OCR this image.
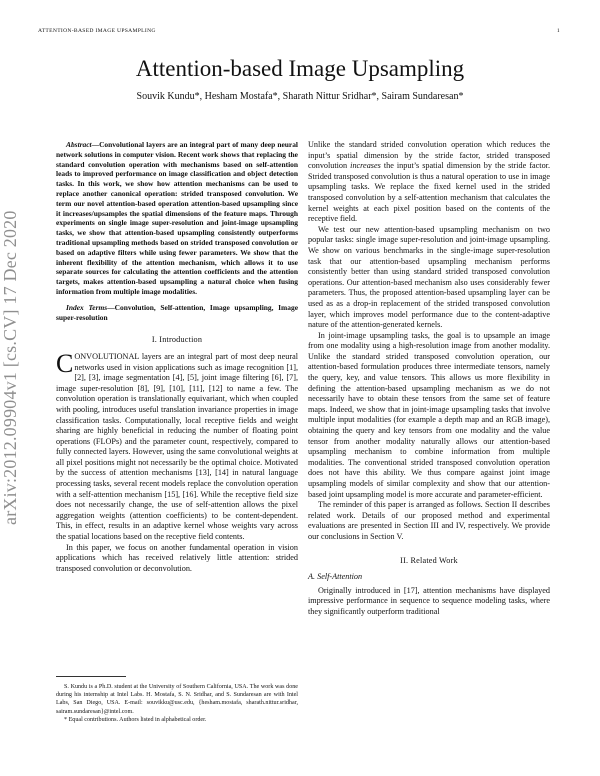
ATTENTION-BASED IMAGE UPSAMPLING	1
Attention-based Image Upsampling
Souvik Kundu*, Hesham Mostafa*, Sharath Nittur Sridhar*, Sairam Sundaresan*
arXiv:2012.09904v1 [cs.CV] 17 Dec 2020

Abstract—Convolutional layers are an integral part of many deep neural network solutions in computer vision. Recent work shows that replacing the standard convolution operation with mechanisms based on self-attention leads to improved performance on image classification and object detection tasks. In this work, we show how attention mechanisms can be used to replace another canonical operation: strided transposed convolution. We term our novel attention-based operation attention-based upsampling since it increases/upsamples the spatial dimensions of the feature maps. Through experiments on single image super-resolution and joint-image upsampling tasks, we show that attention-based upsampling consistently outperforms traditional upsampling methods based on strided transposed convolution or based on adaptive filters while using fewer parameters. We show that the inherent flexibility of the attention mechanism, which allows it to use separate sources for calculating the attention coefficients and the attention targets, makes attention-based upsampling a natural choice when fusing information from multiple image modalities.

Index Terms—Convolution, Self-attention, Image upsampling, Image super-resolution

I. Introduction

CONVOLUTIONAL layers are an integral part of most deep neural networks used in vision applications such as image recognition [1], [2], [3], image segmentation [4], [5], joint image filtering [6], [7], image super-resolution [8], [9], [10], [11], [12] to name a few. The convolution operation is translationally equivariant, which when coupled with pooling, introduces useful translation invariance properties in image classification tasks. Computationally, local receptive fields and weight sharing are highly beneficial in reducing the number of floating point operations (FLOPs) and the parameter count, respectively, compared to fully connected layers. However, using the same convolutional weights at all pixel positions might not necessarily be the optimal choice. Motivated by the success of attention mechanisms [13], [14] in natural language processing tasks, several recent models replace the convolution operation with a self-attention mechanism [15], [16]. While the receptive field size does not necessarily change, the use of self-attention allows the pixel aggregation weights (attention coefficients) to be content-dependent. This, in effect, results in an adaptive kernel whose weights vary across the spatial locations based on the receptive field contents.

In this paper, we focus on another fundamental operation in vision applications which has received relatively little attention: strided transposed convolution or deconvolution.

S. Kundu is a Ph.D. student at the University of Southern California, USA. The work was done during his internship at Intel Labs. H. Mostafa, S. N. Sridhar, and S. Sundaresan are with Intel Labs, San Diego, USA. E-mail: souvikku@usc.edu, {hesham.mostafa, sharath.nittur.sridhar, sairam.sundaresan}@intel.com.

* Equal contributions. Authors listed in alphabetical order.

Unlike the standard strided convolution operation which reduces the input’s spatial dimension by the stride factor, strided transposed convolution increases the input’s spatial dimension by the stride factor. Strided transposed convolution is thus a natural operation to use in image upsampling tasks. We replace the fixed kernel used in the strided transposed convolution by a self-attention mechanism that calculates the kernel weights at each pixel position based on the contents of the receptive field.

We test our new attention-based upsampling mechanism on two popular tasks: single image super-resolution and joint-image upsampling. We show on various benchmarks in the single-image super-resolution task that our attention-based upsampling mechanism performs consistently better than using standard strided transposed convolution operations. Our attention-based mechanism also uses considerably fewer parameters. Thus, the proposed attention-based upsampling layer can be used as as a drop-in replacement of the strided transposed convolution layer, which improves model performance due to the content-adaptive nature of the attention-generated kernels.

In joint-image upsampling tasks, the goal is to upsample an image from one modality using a high-resolution image from another modality. Unlike the standard strided transposed convolution operation, our attention-based formulation produces three intermediate tensors, namely the query, key, and value tensors. This allows us more flexibility in defining the attention-based upsampling mechanism as we do not necessarily have to obtain these tensors from the same set of feature maps. Indeed, we show that in joint-image upsampling tasks that involve multiple input modalities (for example a depth map and an RGB image), obtaining the query and key tensors from one modality and the value tensor from another modality naturally allows our attention-based upsampling mechanism to combine information from multiple modalities. The conventional strided transposed convolution operation does not have this ability. We thus compare against joint image upsampling models of similar complexity and show that our attention-based joint upsampling model is more accurate and parameter-efficient.

The reminder of this paper is arranged as follows. Section II describes related work. Details of our proposed method and experimental evaluations are presented in Section III and IV, respectively. We provide our conclusions in Section V.

II. Related Work
A. Self-Attention

Originally introduced in [17], attention mechanisms have displayed impressive performance in sequence to sequence modeling tasks, where they significantly outperform traditional
